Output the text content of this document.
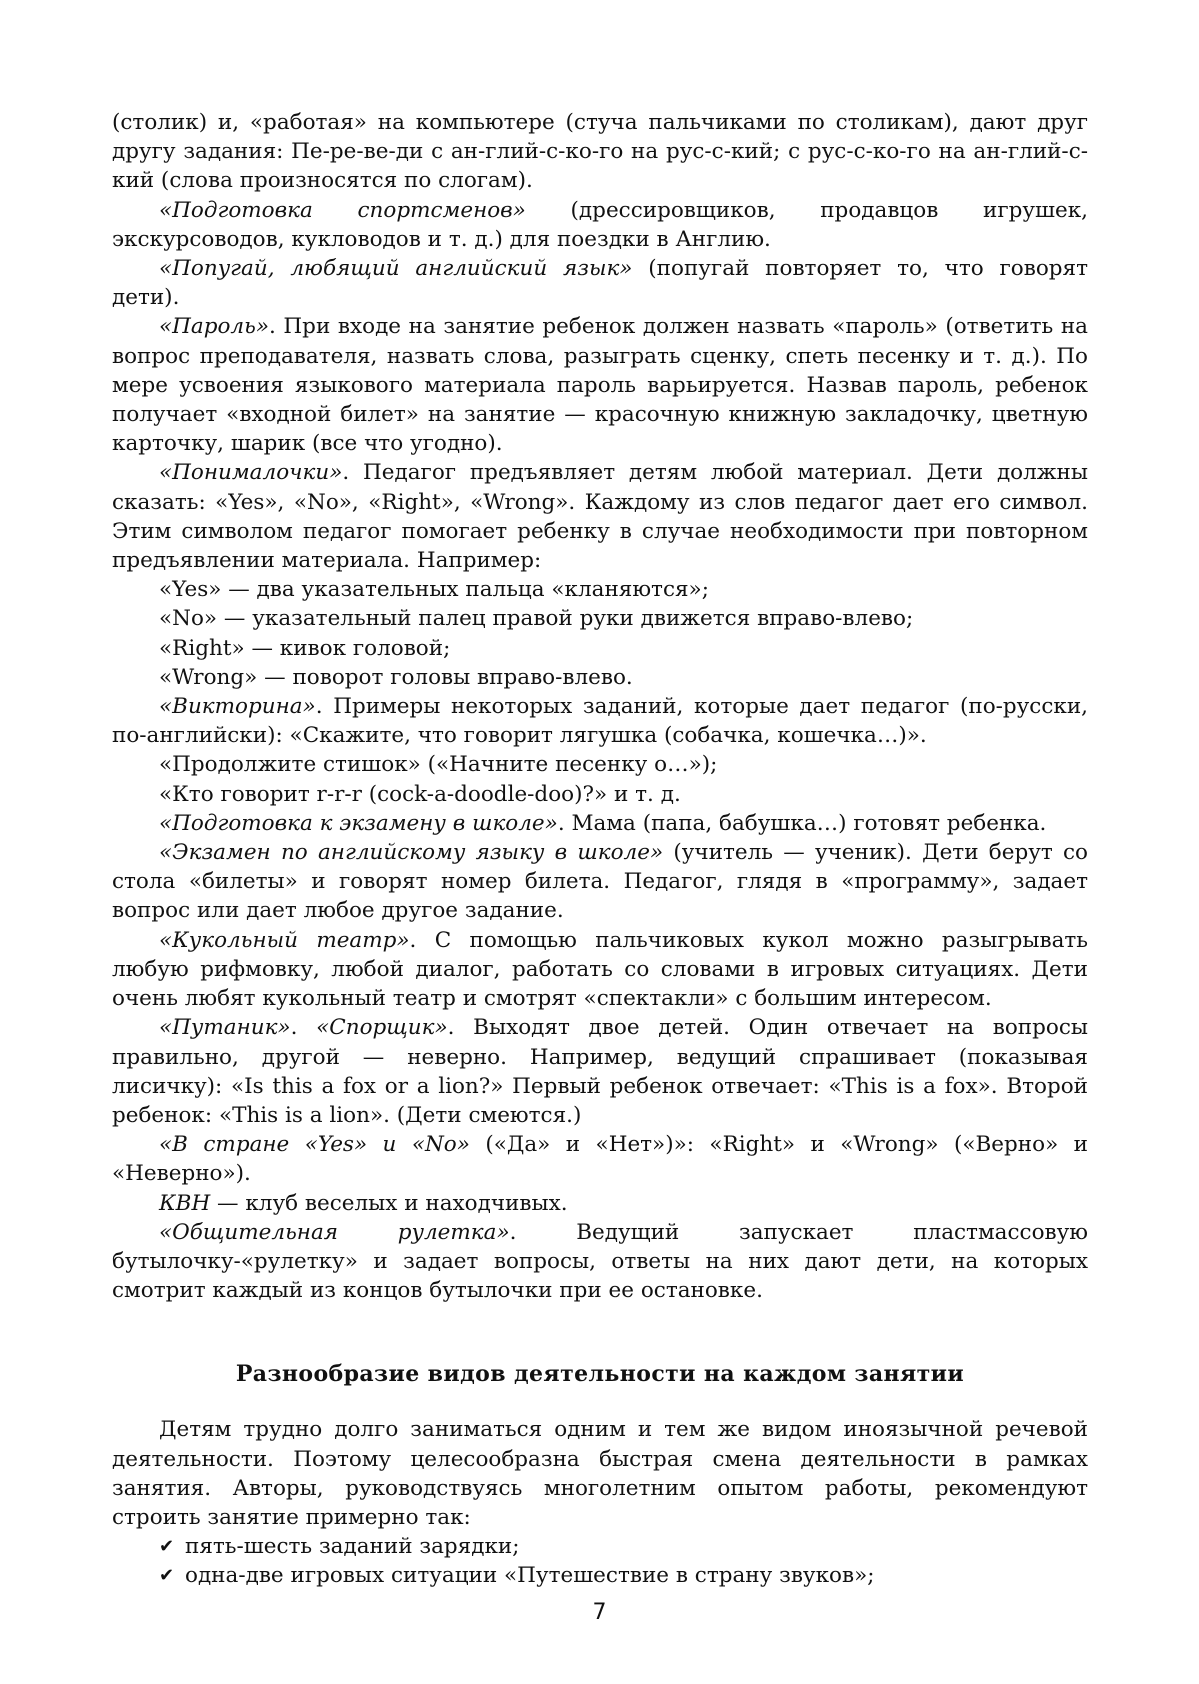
(столик) и, «работая» на компьютере (стуча пальчиками по столикам), дают друг другу задания: Пе-ре-ве-ди с ан-глий-с-ко-го на рус-с-кий; с рус-с-ко-го на ан-глий-с-кий (слова произносятся по слогам).

«Подготовка спортсменов» (дрессировщиков, продавцов игрушек, экскурсоводов, кукловодов и т. д.) для поездки в Англию.

«Попугай, любящий английский язык» (попугай повторяет то, что говорят дети).

«Пароль». При входе на занятие ребенок должен назвать «пароль» (ответить на вопрос преподавателя, назвать слова, разыграть сценку, спеть песенку и т. д.). По мере усвоения языкового материала пароль варьируется. Назвав пароль, ребенок получает «входной билет» на занятие — красочную книжную закладочку, цветную карточку, шарик (все что угодно).

«Понималочки». Педагог предъявляет детям любой материал. Дети должны сказать: «Yes», «No», «Right», «Wrong». Каждому из слов педагог дает его символ. Этим символом педагог помогает ребенку в случае необходимости при повторном предъявлении материала. Например:

«Yes» — два указательных пальца «кланяются»;

«No» — указательный палец правой руки движется вправо-влево;

«Right» — кивок головой;

«Wrong» — поворот головы вправо-влево.

«Викторина». Примеры некоторых заданий, которые дает педагог (по-русски, по-английски): «Скажите, что говорит лягушка (собачка, кошечка…)».

«Продолжите стишок» («Начните песенку о…»);

«Кто говорит r-r-r (cock-a-doodle-doo)?» и т. д.

«Подготовка к экзамену в школе». Мама (папа, бабушка…) готовят ребенка.

«Экзамен по английскому языку в школе» (учитель — ученик). Дети берут со стола «билеты» и говорят номер билета. Педагог, глядя в «программу», задает вопрос или дает любое другое задание.

«Кукольный театр». С помощью пальчиковых кукол можно разыгрывать любую рифмовку, любой диалог, работать со словами в игровых ситуациях. Дети очень любят кукольный театр и смотрят «спектакли» с большим интересом.

«Путаник». «Спорщик». Выходят двое детей. Один отвечает на вопросы правильно, другой — неверно. Например, ведущий спрашивает (показывая лисичку): «Is this a fox or a lion?» Первый ребенок отвечает: «This is a fox». Второй ребенок: «This is a lion». (Дети смеются.)

«В стране «Yes» и «No» («Да» и «Нет»)»: «Right» и «Wrong» («Верно» и «Неверно»).

КВН — клуб веселых и находчивых.

«Общительная рулетка». Ведущий запускает пластмассовую бутылочку-«рулетку» и задает вопросы, ответы на них дают дети, на которых смотрит каждый из концов бутылочки при ее остановке.

Разнообразие видов деятельности на каждом занятии

Детям трудно долго заниматься одним и тем же видом иноязычной речевой деятельности. Поэтому целесообразна быстрая смена деятельности в рамках занятия. Авторы, руководствуясь многолетним опытом работы, рекомендуют строить занятие примерно так:

✔ пять-шесть заданий зарядки;
✔ одна-две игровых ситуации «Путешествие в страну звуков»;
7
